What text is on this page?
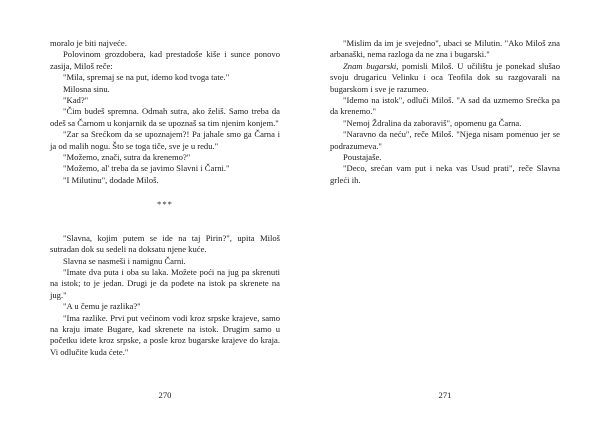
moralo je biti najveće.

Polovinom grozdobera, kad prestadoše kiše i sunce ponovo zasija, Miloš reče:

"Mila, spremaj se na put, idemo kod tvoga tate."

Milosna sinu.

"Kad?"

"Čim budeš spremna. Odmah sutra, ako želiš. Samo treba da odeš sa Čarnom u konjarnik da se upoznaš sa tim njenim konjem."

"Zar sa Srećkom da se upoznajem?! Pa jahale smo ga Čarna i ja od malih nogu. Što se toga tiče, sve je u redu."

"Možemo, znači, sutra da krenemo?"

"Možemo, al' treba da se javimo Slavni i Čarni."

"I Milutinu", dodade Miloš.

***

"Slavna, kojim putem se ide na taj Pirin?", upita Miloš sutradan dok su sedeli na doksatu njene kuće.

Slavna se nasmeši i namignu Čarni.

"Imate dva puta i oba su laka. Možete poći na jug pa skrenuti na istok; to je jedan. Drugi je da pođete na istok pa skrenete na jug."

"A u čemu je razlika?"

"Ima razlike. Prvi put većinom vodi kroz srpske krajeve, samo na kraju imate Bugare, kad skrenete na istok. Drugim samo u početku idete kroz srpske, a posle kroz bugarske krajeve do kraja. Vi odlučite kuda ćete."

270

"Mislim da im je svejedno", ubaci se Milutin. "Ako Miloš zna arbanaški, nema razloga da ne zna i bugarski."

Znam bugarski, pomisli Miloš. U učilištu je ponekad slušao svoju drugaricu Velinku i oca Teofila dok su razgovarali na bugarskom i sve je razumeo.

"Idemo na istok", odluči Miloš. "A sad da uzmemo Srećka pa da krenemo."

"Nemoj Ždralina da zaboraviš", opomenu ga Čarna.

"Naravno da neću", reče Miloš. "Njega nisam pomenuo jer se podrazumeva."

Poustajaše.

"Deco, srećan vam put i neka vas Usud prati", reče Slavna grleći ih.

271
